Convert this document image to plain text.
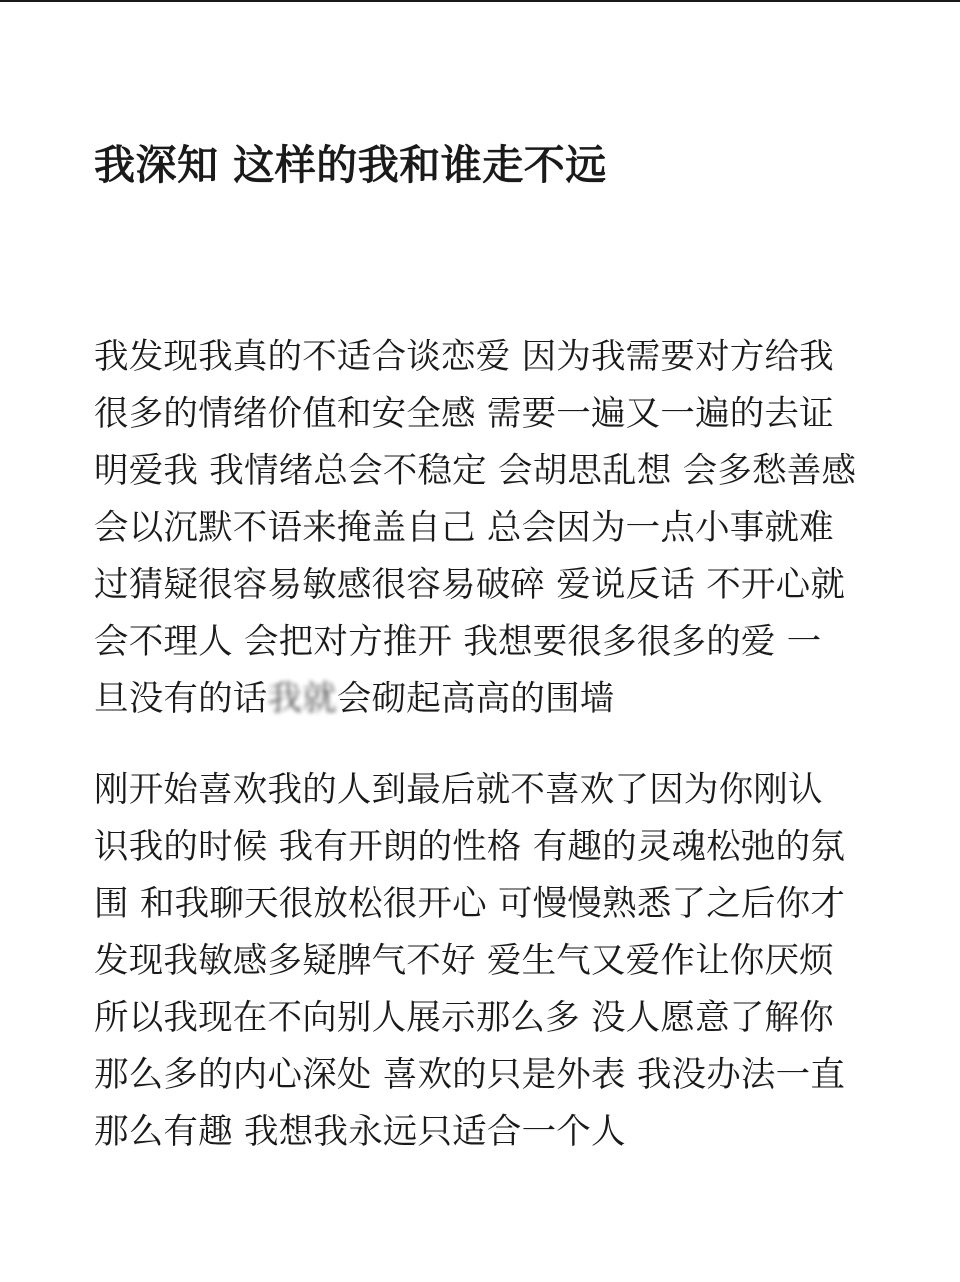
我深知 这样的我和谁走不远
我发现我真的不适合谈恋爱 因为我需要对方给我
很多的情绪价值和安全感 需要一遍又一遍的去证
明爱我 我情绪总会不稳定 会胡思乱想 会多愁善感
会以沉默不语来掩盖自己 总会因为一点小事就难
过猜疑很容易敏感很容易破碎 爱说反话 不开心就
会不理人 会把对方推开 我想要很多很多的爱 一
旦没有的话我就会砌起高高的围墙
刚开始喜欢我的人到最后就不喜欢了因为你刚认
识我的时候 我有开朗的性格 有趣的灵魂松弛的氛
围 和我聊天很放松很开心 可慢慢熟悉了之后你才
发现我敏感多疑脾气不好 爱生气又爱作让你厌烦
所以我现在不向别人展示那么多 没人愿意了解你
那么多的内心深处 喜欢的只是外表 我没办法一直
那么有趣 我想我永远只适合一个人
